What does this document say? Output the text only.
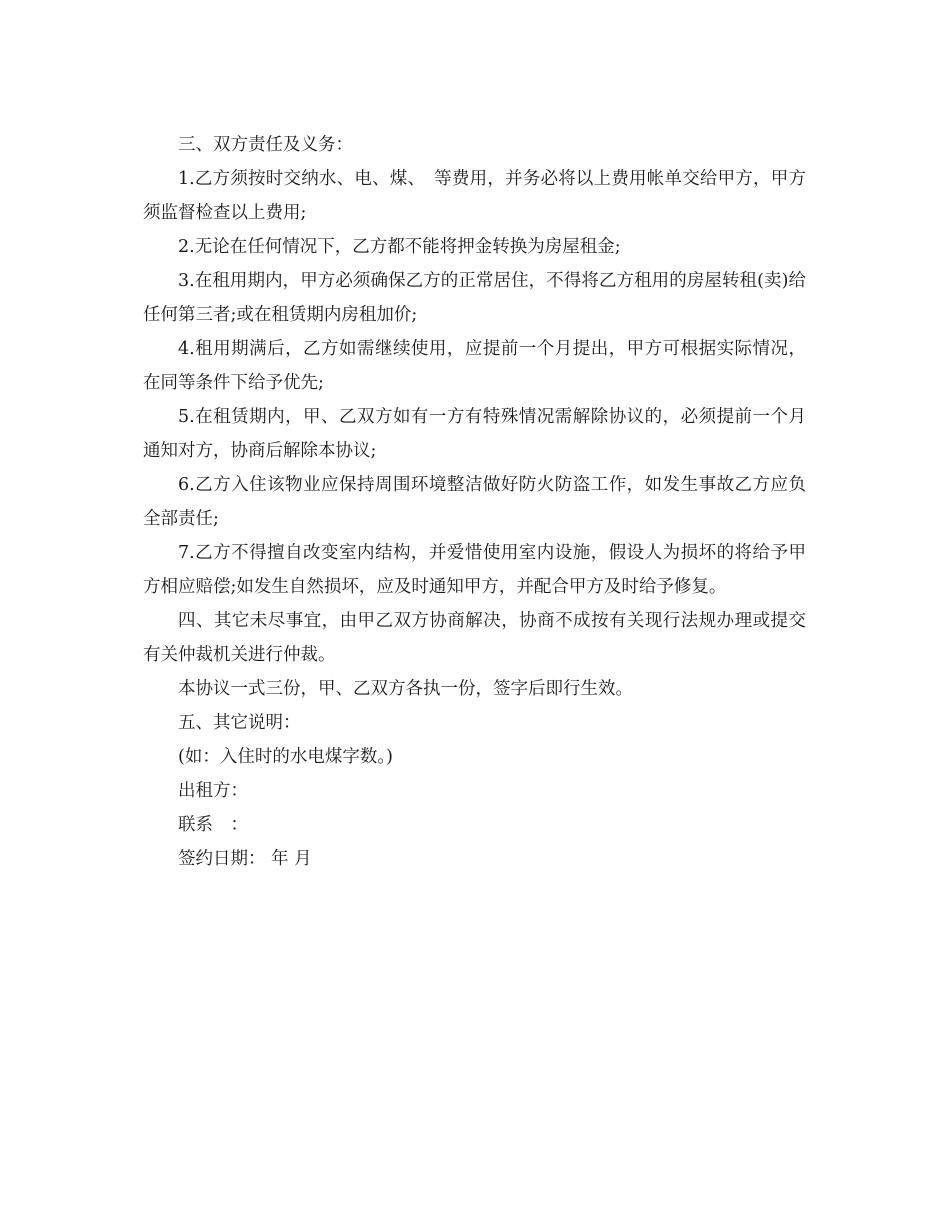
三、双方责任及义务：

1.乙方须按时交纳水、电、煤、　等费用，并务必将以上费用帐单交给甲方，甲方须监督检查以上费用;

2.无论在任何情况下，乙方都不能将押金转换为房屋租金;

3.在租用期内，甲方必须确保乙方的正常居住，不得将乙方租用的房屋转租(卖)给任何第三者;或在租赁期内房租加价;

4.租用期满后，乙方如需继续使用，应提前一个月提出，甲方可根据实际情况，在同等条件下给予优先;

5.在租赁期内，甲、乙双方如有一方有特殊情况需解除协议的，必须提前一个月通知对方，协商后解除本协议;

6.乙方入住该物业应保持周围环境整洁做好防火防盗工作，如发生事故乙方应负全部责任;

7.乙方不得擅自改变室内结构，并爱惜使用室内设施，假设人为损坏的将给予甲方相应赔偿;如发生自然损坏，应及时通知甲方，并配合甲方及时给予修复。

四、其它未尽事宜，由甲乙双方协商解决，协商不成按有关现行法规办理或提交有关仲裁机关进行仲裁。

本协议一式三份，甲、乙双方各执一份，签字后即行生效。

五、其它说明：

(如：入住时的水电煤字数。)

出租方：

联系　：

签约日期： 年 月
